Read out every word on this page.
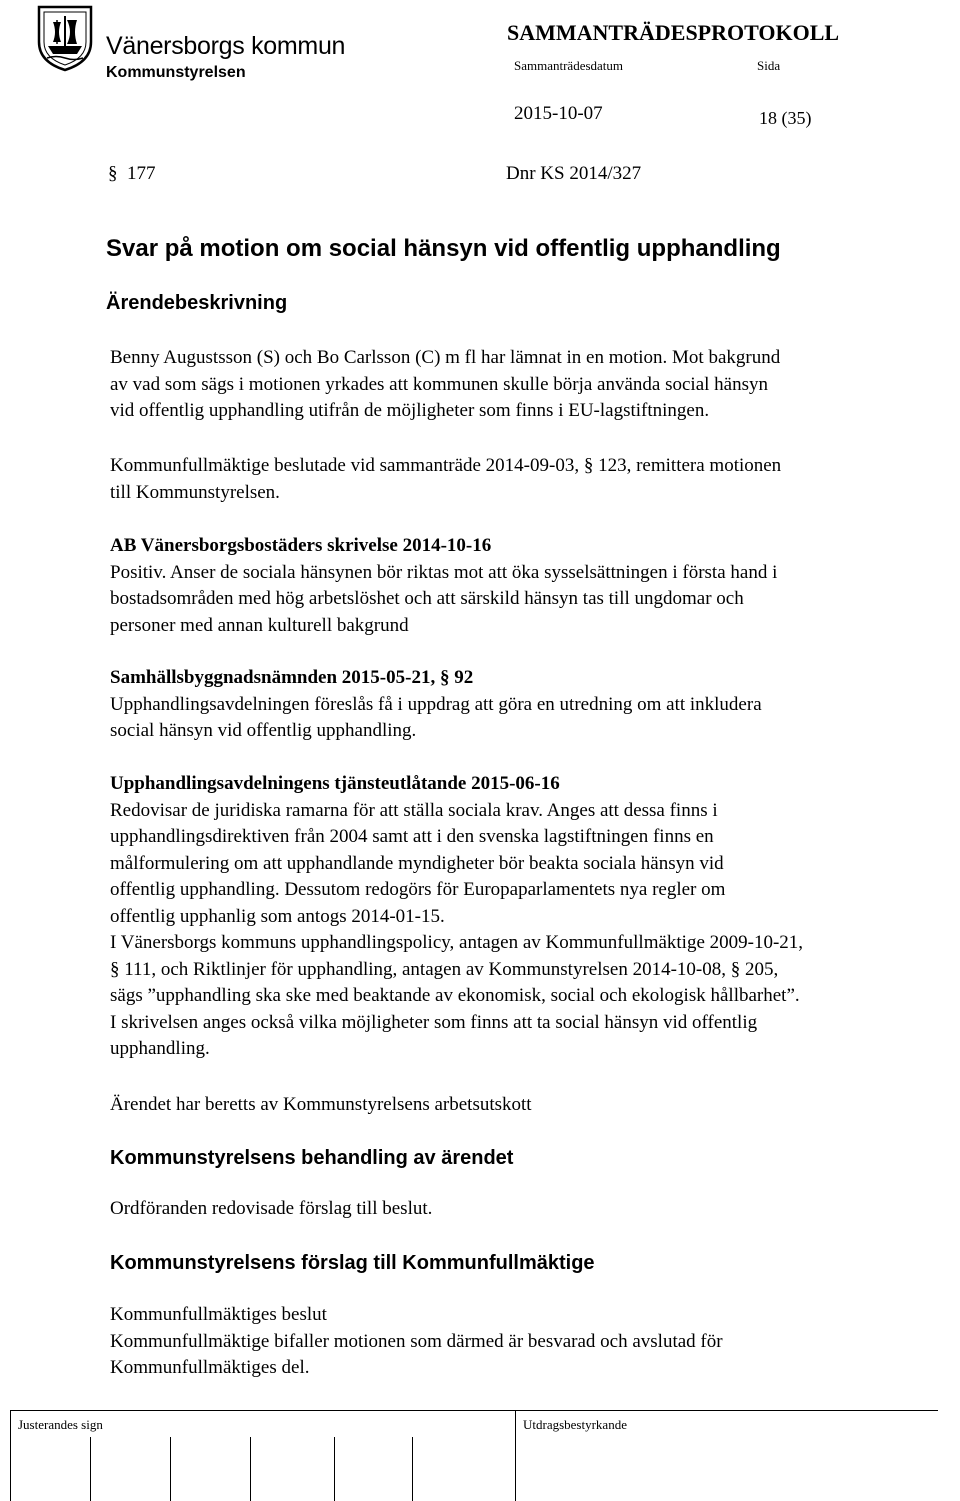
Vänersborgs kommun
Kommunstyrelsen
SAMMANTRÄDESPROTOKOLL
Sammanträdesdatum	Sida
2015-10-07	18 (35)
§ 177	Dnr KS 2014/327
Svar på motion om social hänsyn vid offentlig upphandling
Ärendebeskrivning
Benny Augustsson (S) och Bo Carlsson (C) m fl har lämnat in en motion. Mot bakgrund
av vad som sägs i motionen yrkades att kommunen skulle börja använda social hänsyn
vid offentlig upphandling utifrån de möjligheter som finns i EU-lagstiftningen.
Kommunfullmäktige beslutade vid sammanträde 2014-09-03, § 123, remittera motionen
till Kommunstyrelsen.
AB Vänersborgsbostäders skrivelse 2014-10-16
Positiv. Anser de sociala hänsynen bör riktas mot att öka sysselsättningen i första hand i
bostadsområden med hög arbetslöshet och att särskild hänsyn tas till ungdomar och
personer med annan kulturell bakgrund
Samhällsbyggnadsnämnden 2015-05-21, § 92
Upphandlingsavdelningen föreslås få i uppdrag att göra en utredning om att inkludera
social hänsyn vid offentlig upphandling.
Upphandlingsavdelningens tjänsteutlåtande 2015-06-16
Redovisar de juridiska ramarna för att ställa sociala krav. Anges att dessa finns i
upphandlingsdirektiven från 2004 samt att i den svenska lagstiftningen finns en
målformulering om att upphandlande myndigheter bör beakta sociala hänsyn vid
offentlig upphandling. Dessutom redogörs för Europaparlamentets nya regler om
offentlig upphanlig som antogs 2014-01-15.
I Vänersborgs kommuns upphandlingspolicy, antagen av Kommunfullmäktige 2009-10-21,
§ 111, och Riktlinjer för upphandling, antagen av Kommunstyrelsen 2014-10-08, § 205,
sägs ”upphandling ska ske med beaktande av ekonomisk, social och ekologisk hållbarhet”.
I skrivelsen anges också vilka möjligheter som finns att ta social hänsyn vid offentlig
upphandling.
Ärendet har beretts av Kommunstyrelsens arbetsutskott
Kommunstyrelsens behandling av ärendet
Ordföranden redovisade förslag till beslut.
Kommunstyrelsens förslag till Kommunfullmäktige
Kommunfullmäktiges beslut
Kommunfullmäktige bifaller motionen som därmed är besvarad och avslutad för
Kommunfullmäktiges del.
Justerandes sign	Utdragsbestyrkande
